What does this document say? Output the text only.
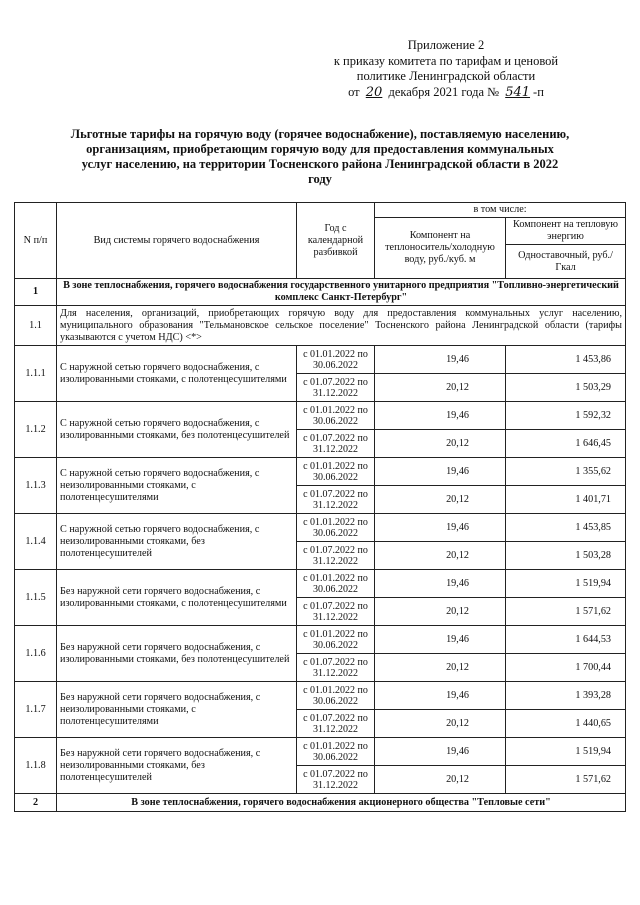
Приложение 2
к приказу комитета по тарифам и ценовой
политике Ленинградской области
от 20 декабря 2021 года № 541 -п
Льготные тарифы на горячую воду (горячее водоснабжение), поставляемую населению, организациям, приобретающим горячую воду для предоставления коммунальных услуг населению, на территории Тосненского района Ленинградской области в 2022 году
N п/п	Вид системы горячего водоснабжения	Год с календарной разбивкой	в том числе:	
			Компонент на теплоноситель/холодную воду, руб./куб. м	Компонент на тепловую энергию
				Одноставочный, руб./Гкал
1	В зоне теплоснабжения, горячего водоснабжения государственного унитарного предприятия "Топливно-энергетический комплекс Санкт-Петербург"			
1.1	Для населения, организаций, приобретающих горячую воду для предоставления коммунальных услуг населению, муниципального образования "Тельмановское сельское поселение" Тосненского района Ленинградской области (тарифы указываются с учетом НДС) <*>			
1.1.1	С наружной сетью горячего водоснабжения, с изолированными стояками, с полотенцесушителями	с 01.01.2022 по 30.06.2022	19,46	1 453,86
		с 01.07.2022 по 31.12.2022	20,12	1 503,29
1.1.2	С наружной сетью горячего водоснабжения, с изолированными стояками, без полотенцесушителей	с 01.01.2022 по 30.06.2022	19,46	1 592,32
		с 01.07.2022 по 31.12.2022	20,12	1 646,45
1.1.3	С наружной сетью горячего водоснабжения, с неизолированными стояками, с полотенцесушителями	с 01.01.2022 по 30.06.2022	19,46	1 355,62
		с 01.07.2022 по 31.12.2022	20,12	1 401,71
1.1.4	С наружной сетью горячего водоснабжения, с неизолированными стояками, без полотенцесушителей	с 01.01.2022 по 30.06.2022	19,46	1 453,85
		с 01.07.2022 по 31.12.2022	20,12	1 503,28
1.1.5	Без наружной сети горячего водоснабжения, с изолированными стояками, с полотенцесушителями	с 01.01.2022 по 30.06.2022	19,46	1 519,94
		с 01.07.2022 по 31.12.2022	20,12	1 571,62
1.1.6	Без наружной сети горячего водоснабжения, с изолированными стояками, без полотенцесушителей	с 01.01.2022 по 30.06.2022	19,46	1 644,53
		с 01.07.2022 по 31.12.2022	20,12	1 700,44
1.1.7	Без наружной сети горячего водоснабжения, с неизолированными стояками, с полотенцесушителями	с 01.01.2022 по 30.06.2022	19,46	1 393,28
		с 01.07.2022 по 31.12.2022	20,12	1 440,65
1.1.8	Без наружной сети горячего водоснабжения, с неизолированными стояками, без полотенцесушителей	с 01.01.2022 по 30.06.2022	19,46	1 519,94
		с 01.07.2022 по 31.12.2022	20,12	1 571,62
2	В зоне теплоснабжения, горячего водоснабжения акционерного общества "Тепловые сети"			
